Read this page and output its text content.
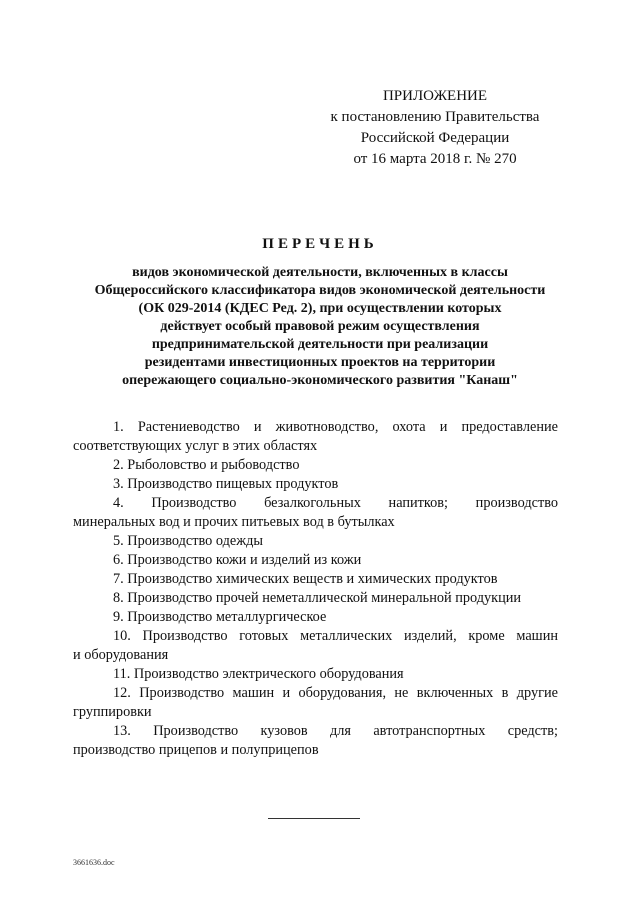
ПРИЛОЖЕНИЕ
к постановлению Правительства
Российской Федерации
от 16 марта 2018 г. № 270
ПЕРЕЧЕНЬ
видов экономической деятельности, включенных в классы
Общероссийского классификатора видов экономической деятельности
(ОК 029-2014 (КДЕС Ред. 2), при осуществлении которых
действует особый правовой режим осуществления
предпринимательской деятельности при реализации
резидентами инвестиционных проектов на территории
опережающего социально-экономического развития "Канаш"
1. Растениеводство и животноводство, охота и предоставление
соответствующих услуг в этих областях
2. Рыболовство и рыбоводство
3. Производство пищевых продуктов
4. Производство безалкогольных напитков; производство
минеральных вод и прочих питьевых вод в бутылках
5. Производство одежды
6. Производство кожи и изделий из кожи
7. Производство химических веществ и химических продуктов
8. Производство прочей неметаллической минеральной продукции
9. Производство металлургическое
10. Производство готовых металлических изделий, кроме машин
и оборудования
11. Производство электрического оборудования
12. Производство машин и оборудования, не включенных в другие
группировки
13. Производство кузовов для автотранспортных средств;
производство прицепов и полуприцепов
3661636.doc
